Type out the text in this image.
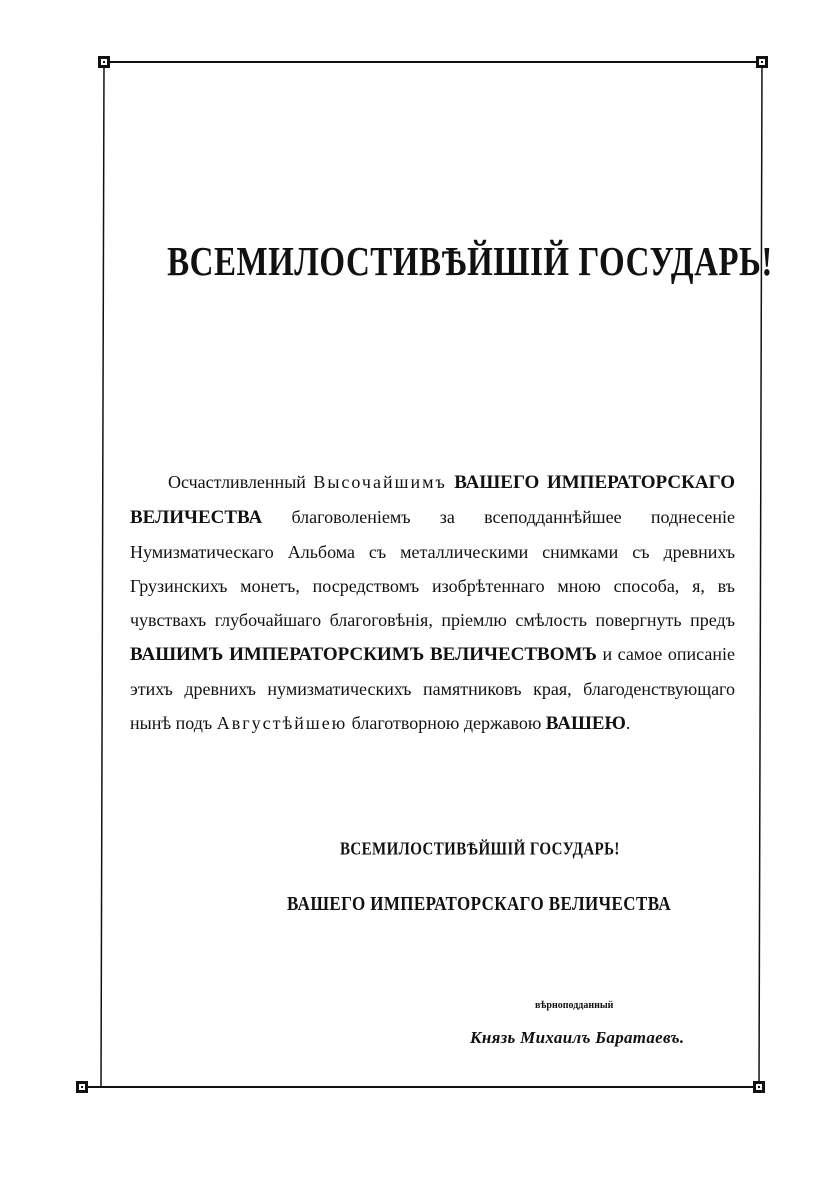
ВСЕМИЛОСТИВѢЙШІЙ ГОСУДАРЬ!
Осчастливленный Высочайшимъ ВАШЕГО ИМПЕРАТОРСКАГО ВЕЛИЧЕСТВА благоволеніемъ за всеподданнѣйшее поднесеніе Нумизматическаго Альбома съ металлическими снимками съ древнихъ Грузинскихъ монетъ, посредствомъ изобрѣтеннаго мною способа, я, въ чувствахъ глубочайшаго благоговѣнія, пріемлю смѣлость повергнуть предъ ВАШИМЪ ИМПЕРАТОРСКИМЪ ВЕЛИЧЕСТВОМЪ и самое описаніе этихъ древнихъ нумизматическихъ памятниковъ края, благоденствующаго нынѣ подъ Августѣйшею благотворною державою ВАШЕЮ.
ВСЕМИЛОСТИВѢЙШІЙ ГОСУДАРЬ!
ВАШЕГО ИМПЕРАТОРСКАГО ВЕЛИЧЕСТВА
вѣрноподданный
Князь Михаилъ Баратаевъ.
